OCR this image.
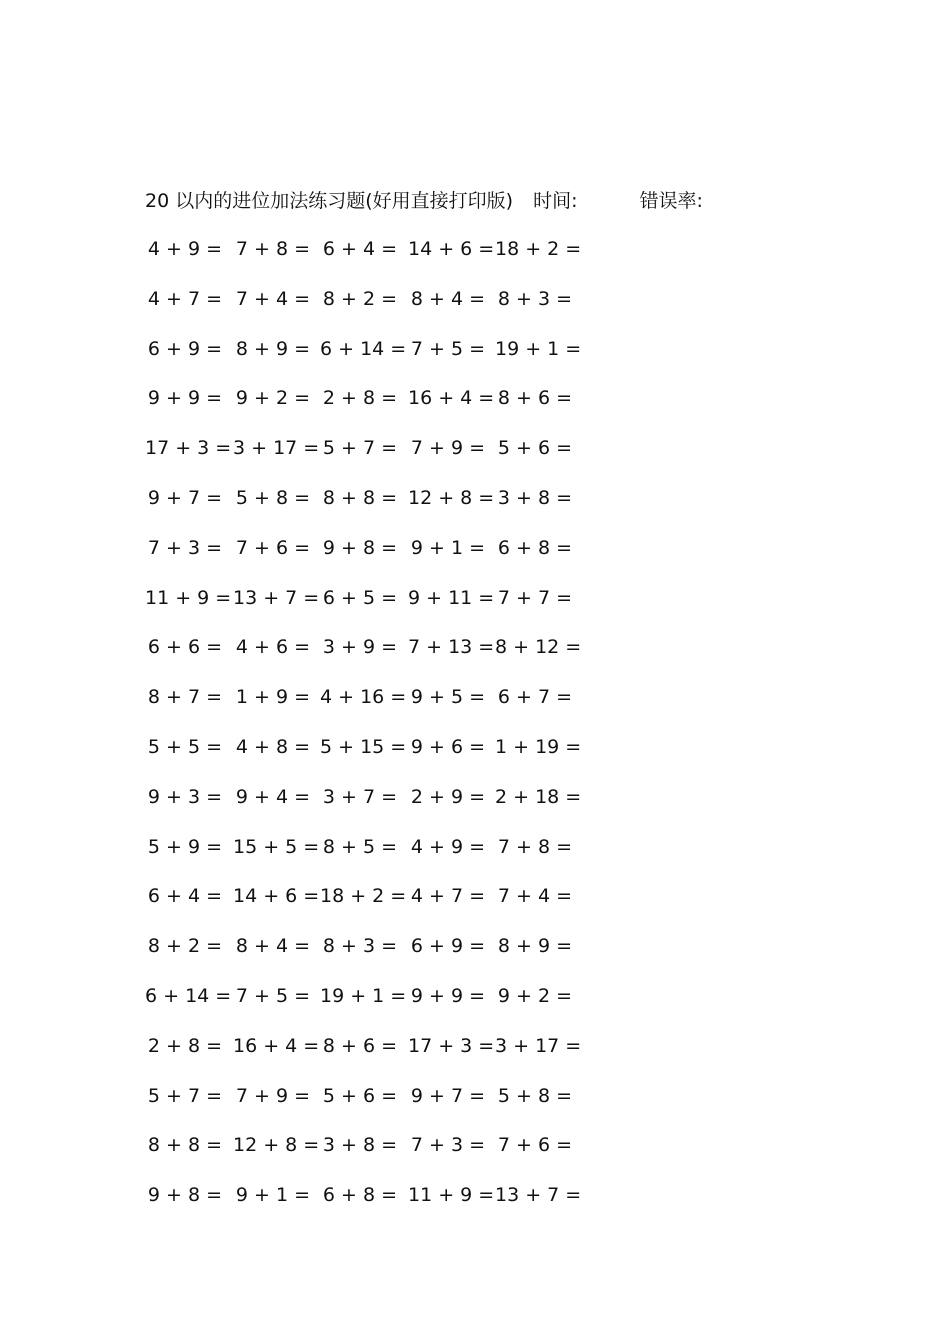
20 以内的进位加法练习题(好用直接打印版) 时间:	错误率:
4 + 9 = 7 + 8 = 6 + 4 = 14 + 6 = 18 + 2 =
4 + 7 = 7 + 4 = 8 + 2 = 8 + 4 = 8 + 3 =
6 + 9 = 8 + 9 = 6 + 14 = 7 + 5 = 19 + 1 =
9 + 9 = 9 + 2 = 2 + 8 = 16 + 4 = 8 + 6 =
17 + 3 = 3 + 17 = 5 + 7 = 7 + 9 = 5 + 6 =
9 + 7 = 5 + 8 = 8 + 8 = 12 + 8 = 3 + 8 =
7 + 3 = 7 + 6 = 9 + 8 = 9 + 1 = 6 + 8 =
11 + 9 = 13 + 7 = 6 + 5 = 9 + 11 = 7 + 7 =
6 + 6 = 4 + 6 = 3 + 9 = 7 + 13 = 8 + 12 =
8 + 7 = 1 + 9 = 4 + 16 = 9 + 5 = 6 + 7 =
5 + 5 = 4 + 8 = 5 + 15 = 9 + 6 = 1 + 19 =
9 + 3 = 9 + 4 = 3 + 7 = 2 + 9 = 2 + 18 =
5 + 9 = 15 + 5 = 8 + 5 = 4 + 9 = 7 + 8 =
6 + 4 = 14 + 6 = 18 + 2 = 4 + 7 = 7 + 4 =
8 + 2 = 8 + 4 = 8 + 3 = 6 + 9 = 8 + 9 =
6 + 14 = 7 + 5 = 19 + 1 = 9 + 9 = 9 + 2 =
2 + 8 = 16 + 4 = 8 + 6 = 17 + 3 = 3 + 17 =
5 + 7 = 7 + 9 = 5 + 6 = 9 + 7 = 5 + 8 =
8 + 8 = 12 + 8 = 3 + 8 = 7 + 3 = 7 + 6 =
9 + 8 = 9 + 1 = 6 + 8 = 11 + 9 = 13 + 7 =
